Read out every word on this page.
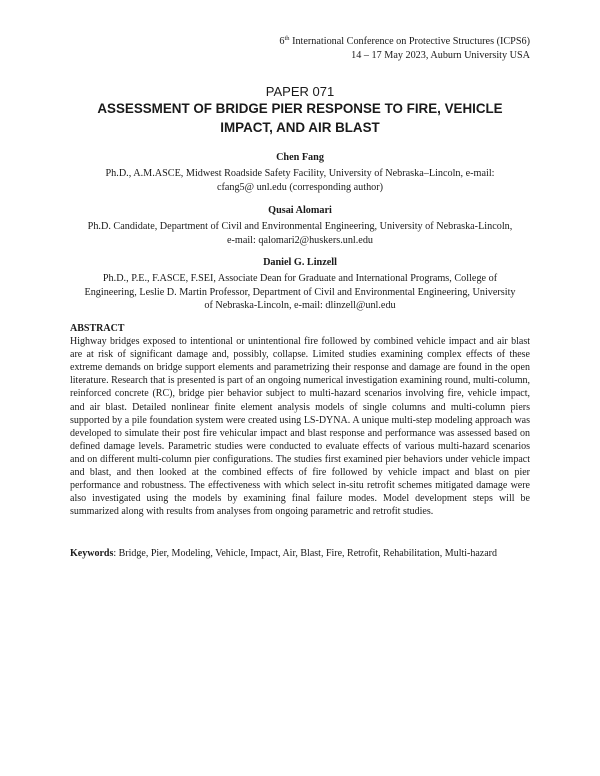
6th International Conference on Protective Structures (ICPS6)
14 – 17 May 2023, Auburn University USA
PAPER 071
ASSESSMENT OF BRIDGE PIER RESPONSE TO FIRE, VEHICLE IMPACT, AND AIR BLAST
Chen Fang
Ph.D., A.M.ASCE, Midwest Roadside Safety Facility, University of Nebraska–Lincoln, e-mail:
cfang5@ unl.edu (corresponding author)
Qusai Alomari
Ph.D. Candidate, Department of Civil and Environmental Engineering, University of Nebraska-Lincoln,
e-mail: qalomari2@huskers.unl.edu
Daniel G. Linzell
Ph.D., P.E., F.ASCE, F.SEI, Associate Dean for Graduate and International Programs, College of
Engineering, Leslie D. Martin Professor, Department of Civil and Environmental Engineering, University
of Nebraska-Lincoln, e-mail: dlinzell@unl.edu
ABSTRACT
Highway bridges exposed to intentional or unintentional fire followed by combined vehicle impact and air blast are at risk of significant damage and, possibly, collapse. Limited studies examining complex effects of these extreme demands on bridge support elements and parametrizing their response and damage are found in the open literature. Research that is presented is part of an ongoing numerical investigation examining round, multi-column, reinforced concrete (RC), bridge pier behavior subject to multi-hazard scenarios involving fire, vehicle impact, and air blast. Detailed nonlinear finite element analysis models of single columns and multi-column piers supported by a pile foundation system were created using LS-DYNA. A unique multi-step modeling approach was developed to simulate their post fire vehicular impact and blast response and performance was assessed based on defined damage levels. Parametric studies were conducted to evaluate effects of various multi-hazard scenarios and on different multi-column pier configurations. The studies first examined pier behaviors under vehicle impact and blast, and then looked at the combined effects of fire followed by vehicle impact and blast on pier performance and robustness. The effectiveness with which select in-situ retrofit schemes mitigated damage were also investigated using the models by examining final failure modes. Model development steps will be summarized along with results from analyses from ongoing parametric and retrofit studies.
Keywords: Bridge, Pier, Modeling, Vehicle, Impact, Air, Blast, Fire, Retrofit, Rehabilitation, Multi-hazard
